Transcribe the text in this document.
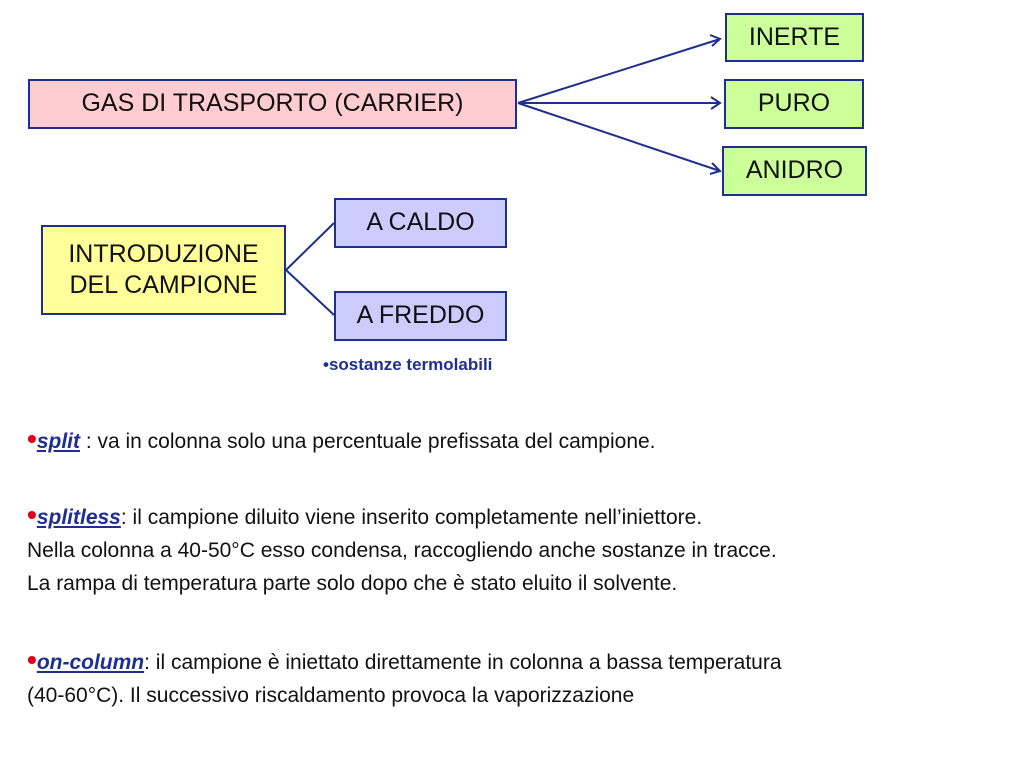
GAS DI TRASPORTO (CARRIER)
INERTE
PURO
ANIDRO
INTRODUZIONE
DEL CAMPIONE
A CALDO
A FREDDO
•sostanze termolabili
•split : va in colonna solo una percentuale prefissata del campione.
•splitless: il campione diluito viene inserito completamente nell’iniettore.
Nella colonna a 40-50°C esso condensa, raccogliendo anche sostanze in tracce.
La rampa di temperatura parte solo dopo che è stato eluito il solvente.
•on-column: il campione è iniettato direttamente in colonna a bassa temperatura
(40-60°C). Il successivo riscaldamento provoca la vaporizzazione
